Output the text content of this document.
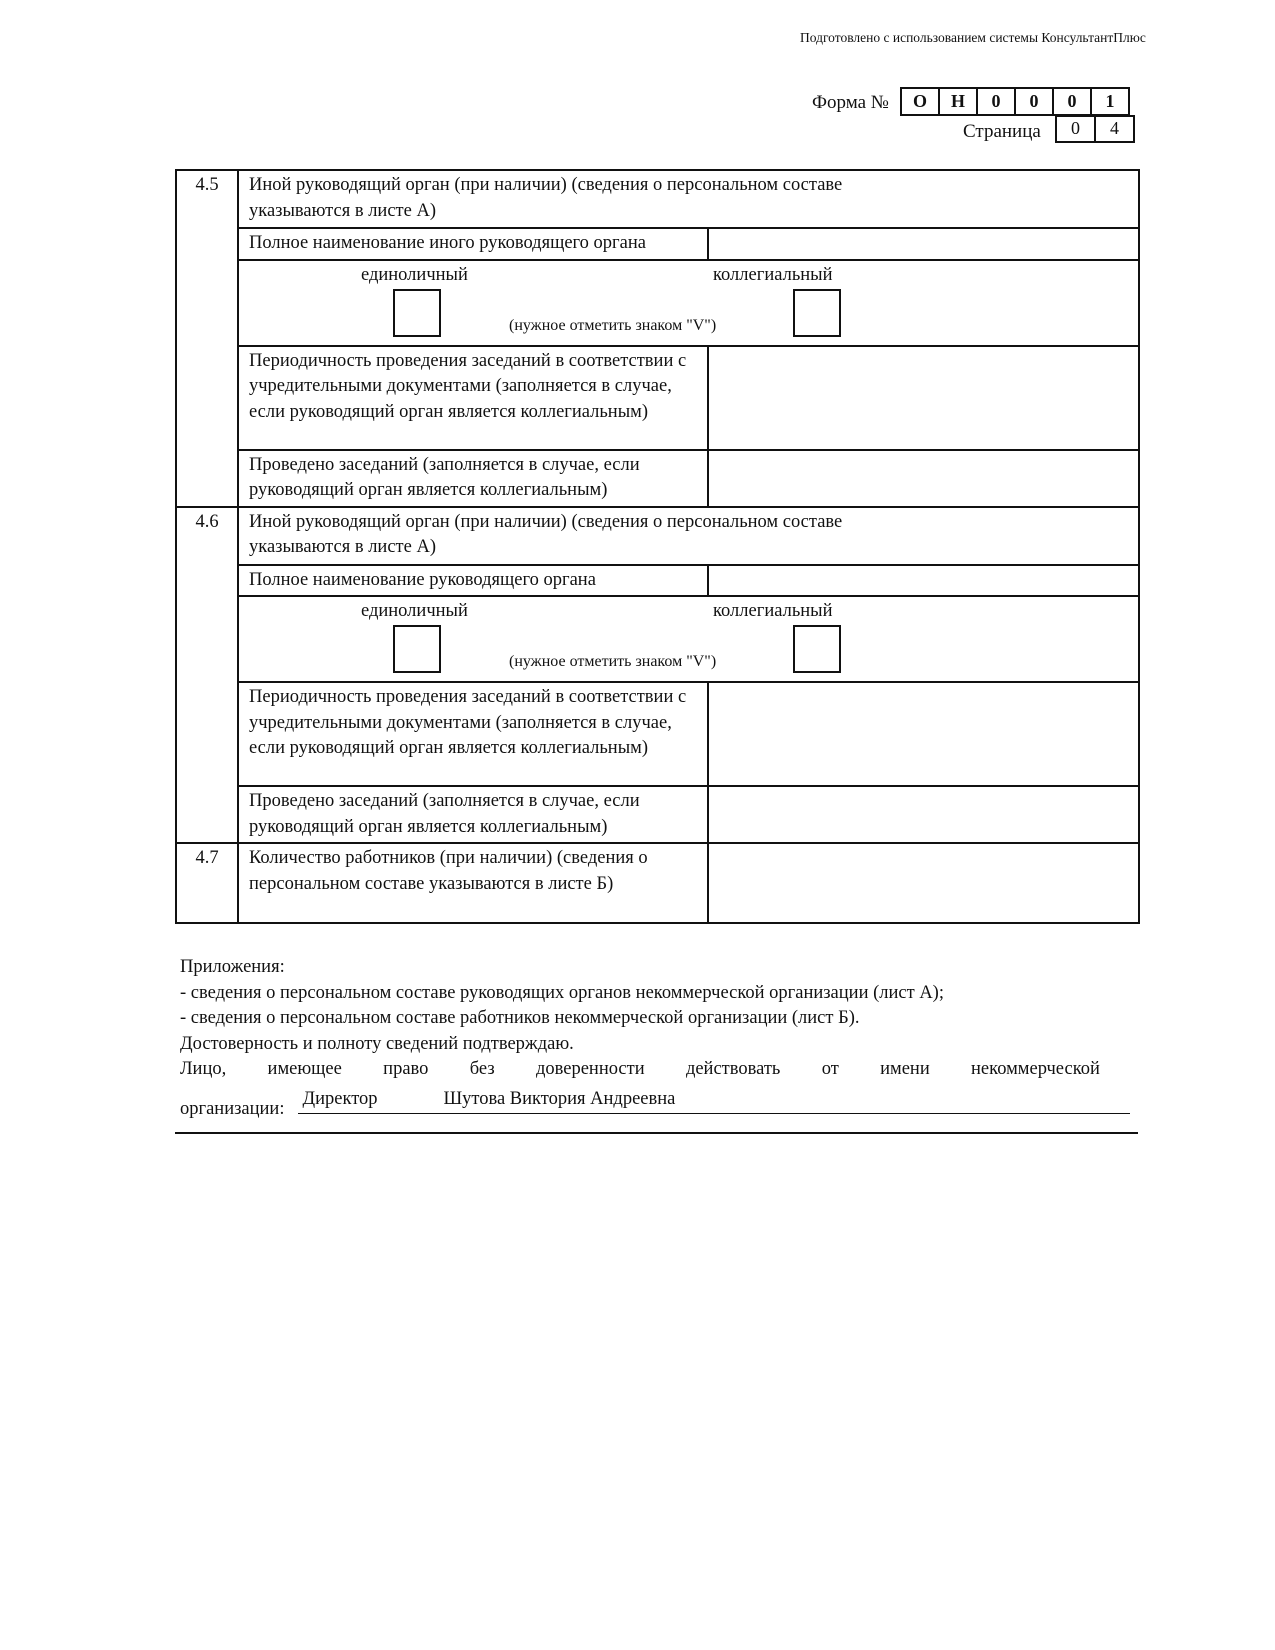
Подготовлено с использованием системы КонсультантПлюс
Форма №	О	Н	0	0	0	1
Страница	0	4
4.5	Иной руководящий орган (при наличии) (сведения о персональном составе указываются в листе А)	
	Полное наименование иного руководящего органа	

	единоличный
(нужное отметить знаком "V")
коллегиальный	

	Периодичность проведения заседаний в соответствии с учредительными документами (заполняется в случае, если руководящий орган является коллегиальным)	
	Проведено заседаний (заполняется в случае, если руководящий орган является коллегиальным)	
4.6	Иной руководящий орган (при наличии) (сведения о персональном составе указываются в листе А)	
	Полное наименование руководящего органа	

	единоличный
(нужное отметить знаком "V")
коллегиальный	

	Периодичность проведения заседаний в соответствии с учредительными документами (заполняется в случае, если руководящий орган является коллегиальным)	
	Проведено заседаний (заполняется в случае, если руководящий орган является коллегиальным)	
4.7	Количество работников (при наличии) (сведения о персональном составе указываются в листе Б)	
Приложения:
- сведения о персональном составе руководящих органов некоммерческой организации (лист А);
- сведения о персональном составе работников некоммерческой организации (лист Б).
Достоверность и полноту сведений подтверждаю.
Лицо, имеющее право без доверенности действовать от имени некоммерческой
организации: Директор	Шутова Виктория Андреевна
